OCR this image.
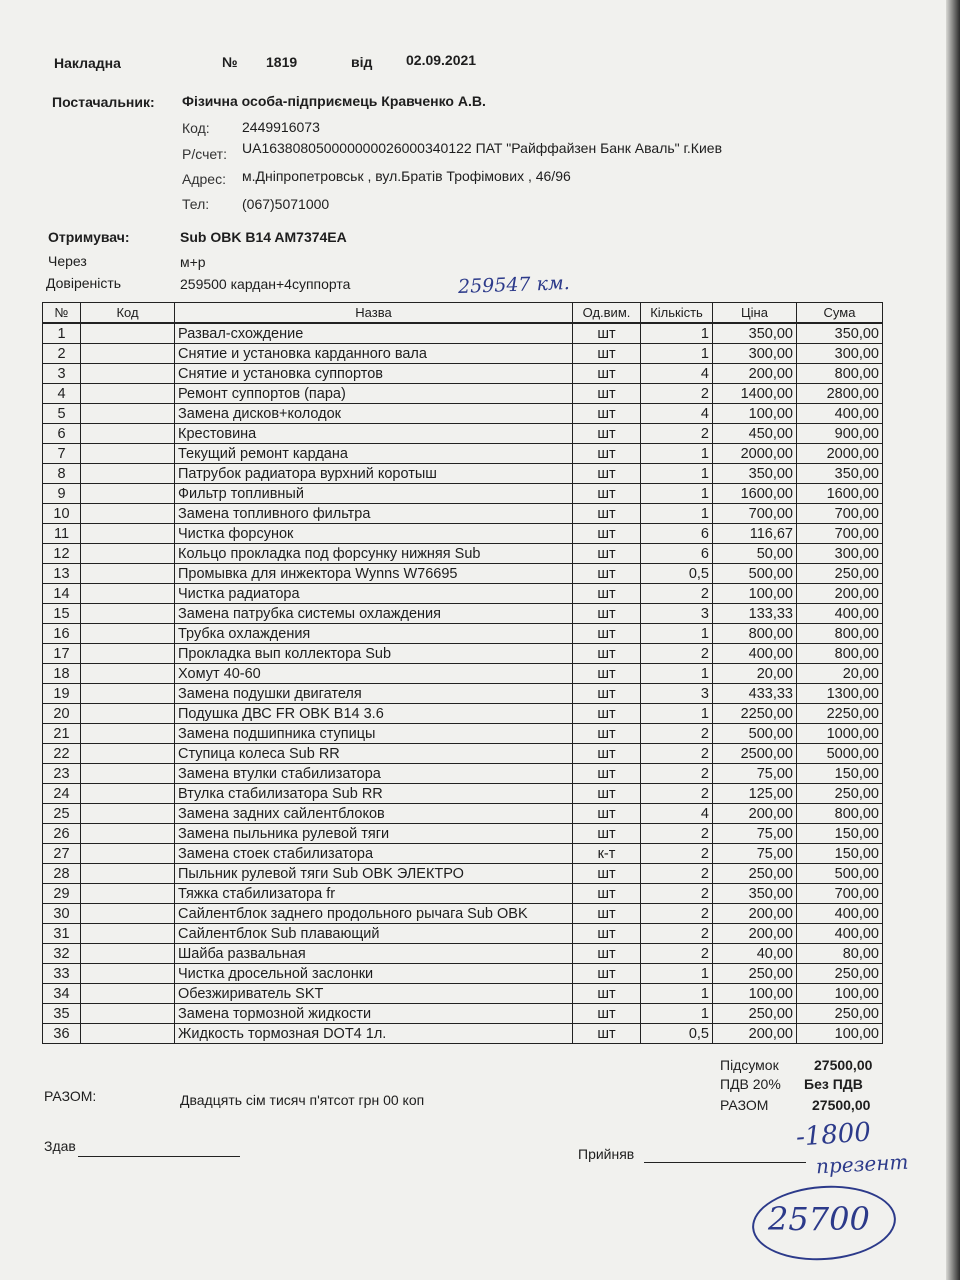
Накладна	№ 1819	від 02.09.2021
Постачальник: Фізична особа-підприємець Кравченко А.В.
Код: 2449916073
Р/счет: UA163808050000000026000340122 ПАТ "Райффайзен Банк Аваль" г.Киев
Адрес: м.Дніпропетровськ , вул.Братів Трофімових , 46/96
Тел: (067)5071000
Отримувач:	Sub OBK B14 AM7374EA
Через	м+р
Довіреність	259500 кардан+4суппорта	259547 км.
№	Код	Назва	Од.вим.	Кількість	Ціна	Сума
1		Развал-схождение	шт	1	350,00	350,00
2		Снятие и установка карданного вала	шт	1	300,00	300,00
3		Снятие и установка суппортов	шт	4	200,00	800,00
4		Ремонт суппортов (пара)	шт	2	1400,00	2800,00
5		Замена дисков+колодок	шт	4	100,00	400,00
6		Крестовина	шт	2	450,00	900,00
7		Текущий ремонт кардана	шт	1	2000,00	2000,00
8		Патрубок радиатора вурхний коротыш	шт	1	350,00	350,00
9		Фильтр топливный	шт	1	1600,00	1600,00
10		Замена топливного фильтра	шт	1	700,00	700,00
11		Чистка форсунок	шт	6	116,67	700,00
12		Кольцо прокладка под форсунку нижняя Sub	шт	6	50,00	300,00
13		Промывка для инжектора Wynns W76695	шт	0,5	500,00	250,00
14		Чистка радиатора	шт	2	100,00	200,00
15		Замена патрубка системы охлаждения	шт	3	133,33	400,00
16		Трубка охлаждения	шт	1	800,00	800,00
17		Прокладка вып коллектора Sub	шт	2	400,00	800,00
18		Хомут 40-60	шт	1	20,00	20,00
19		Замена подушки двигателя	шт	3	433,33	1300,00
20		Подушка ДВС FR OBK B14 3.6	шт	1	2250,00	2250,00
21		Замена подшипника ступицы	шт	2	500,00	1000,00
22		Ступица колеса Sub RR	шт	2	2500,00	5000,00
23		Замена втулки стабилизатора	шт	2	75,00	150,00
24		Втулка стабилизатора Sub RR	шт	2	125,00	250,00
25		Замена задних сайлентблоков	шт	4	200,00	800,00
26		Замена пыльника рулевой тяги	шт	2	75,00	150,00
27		Замена стоек стабилизатора	к-т	2	75,00	150,00
28		Пыльник рулевой тяги Sub OBK ЭЛЕКТРО	шт	2	250,00	500,00
29		Тяжка стабилизатора fr	шт	2	350,00	700,00
30		Сайлентблок заднего продольного рычага Sub OBK	шт	2	200,00	400,00
31		Сайлентблок Sub плавающий	шт	2	200,00	400,00
32		Шайба развальная	шт	2	40,00	80,00
33		Чистка дросельной заслонки	шт	1	250,00	250,00
34		Обезжириватель SKT	шт	1	100,00	100,00
35		Замена тормозной жидкости	шт	1	250,00	250,00
36		Жидкость тормозная DOT4 1л.	шт	0,5	200,00	100,00
Підсумок	27500,00
ПДВ 20% Без ПДВ
РАЗОМ	27500,00
РАЗОМ:	Двадцять сім тисяч п'ятсот грн 00 коп
Здав	Прийняв
-1800
презент
25700
